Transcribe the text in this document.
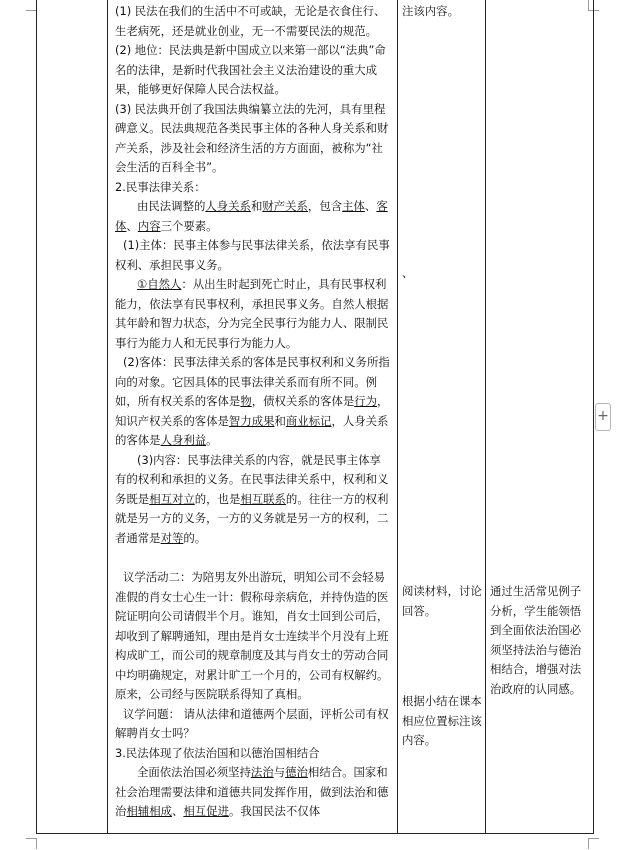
(1) 民法在我们的生活中不可或缺，无论是衣食住行、生老病死，还是就业创业，无一不需要民法的规范。

(2) 地位：民法典是新中国成立以来第一部以“法典”命名的法律，是新时代我国社会主义法治建设的重大成果，能够更好保障人民合法权益。

(3) 民法典开创了我国法典编纂立法的先河，具有里程碑意义。民法典规范各类民事主体的各种人身关系和财产关系，涉及社会和经济生活的方方面面，被称为“社会生活的百科全书”。

2.民事法律关系：

由民法调整的人身关系和财产关系，包含主体、客体、内容三个要素。

(1)主体：民事主体参与民事法律关系，依法享有民事权利、承担民事义务。

①自然人：从出生时起到死亡时止，具有民事权利能力，依法享有民事权利，承担民事义务。自然人根据其年龄和智力状态，分为完全民事行为能力人、限制民事行为能力人和无民事行为能力人。

(2)客体：民事法律关系的客体是民事权利和义务所指向的对象。它因具体的民事法律关系而有所不同。例如，所有权关系的客体是物，债权关系的客体是行为，知识产权关系的客体是智力成果和商业标记，人身关系的客体是人身利益。

(3)内容：民事法律关系的内容，就是民事主体享有的权利和承担的义务。在民事法律关系中，权利和义务既是相互对立的，也是相互联系的。往往一方的权利就是另一方的义务，一方的义务就是另一方的权利，二者通常是对等的。

议学活动二：为陪男友外出游玩，明知公司不会轻易准假的肖女士心生一计：假称母亲病危，并持伪造的医院证明向公司请假半个月。谁知，肖女士回到公司后，却收到了解聘通知，理由是肖女士连续半个月没有上班构成旷工，而公司的规章制度及其与肖女士的劳动合同中均明确规定，对累计旷工一个月的，公司有权解约。原来，公司经与医院联系得知了真相。

议学问题： 请从法律和道德两个层面，评析公司有权解聘肖女士吗？

3.民法体现了依法治国和以德治国相结合

全面依法治国必须坚持法治与德治相结合。国家和社会治理需要法律和道德共同发挥作用，做到法治和德治相辅相成、相互促进。我国民法不仅体

注该内容。

、

阅读材料，讨论回答。

根据小结在课本相应位置标注该内容。

通过生活常见例子分析，学生能领悟到全面依法治国必须坚持法治与德治相结合，增强对法治政府的认同感。

+
